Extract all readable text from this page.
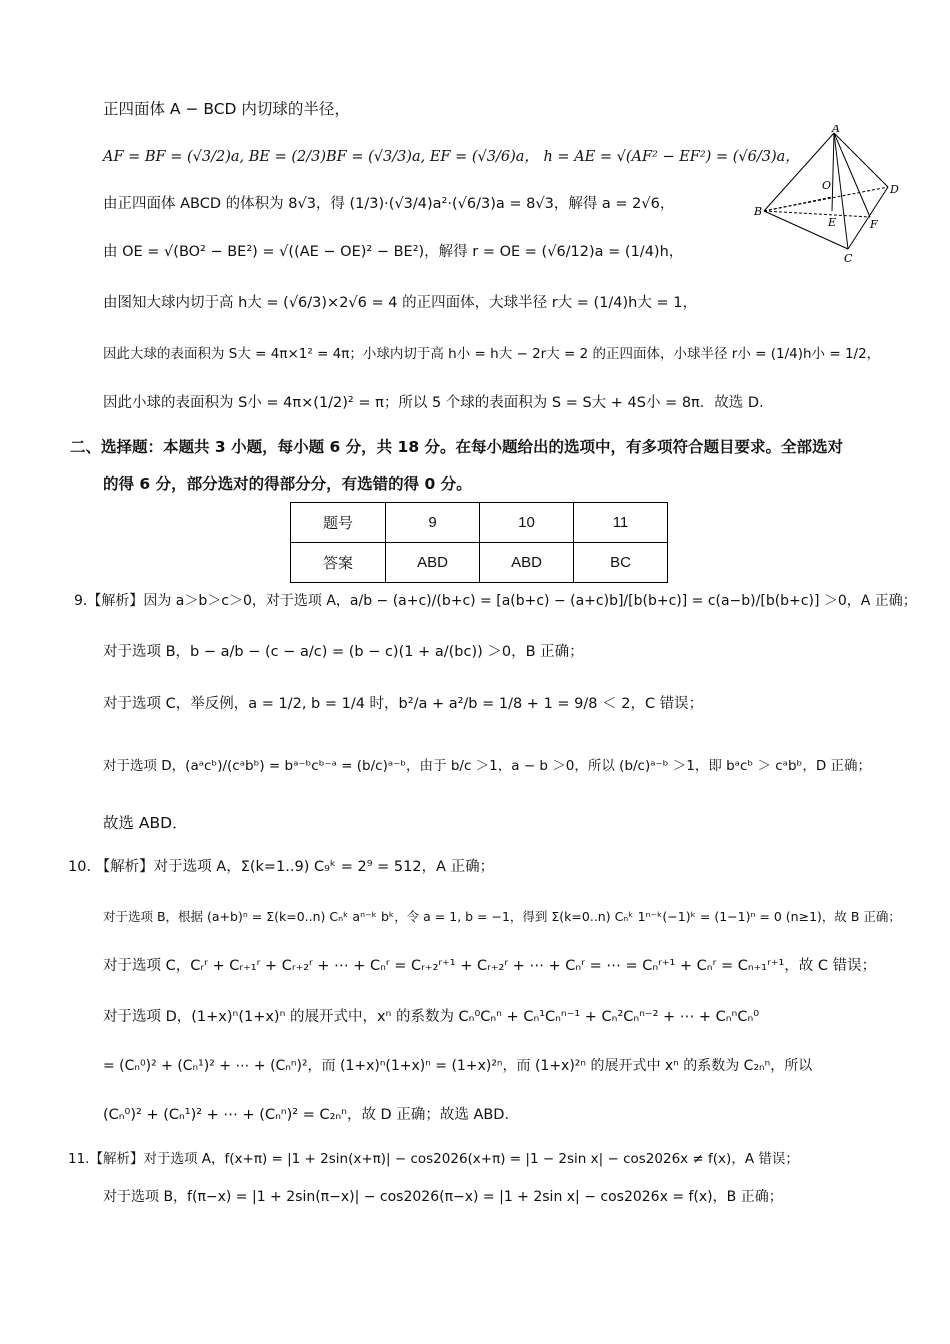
正四面体 A − BCD 内切球的半径，
AF = BF = (√3/2)a, BE = (2/3)BF = (√3/3)a, EF = (√3/6)a， h = AE = √(AF² − EF²) = (√6/3)a，
由正四面体 ABCD 的体积为 8√3，得 (1/3)·(√3/4)a²·(√6/3)a = 8√3，解得 a = 2√6，
由 OE = √(BO² − BE²) = √((AE − OE)² − BE²)，解得 r = OE = (√6/12)a = (1/4)h，
由图知大球内切于高 h大 = (√6/3)×2√6 = 4 的正四面体，大球半径 r大 = (1/4)h大 = 1，
因此大球的表面积为 S大 = 4π×1² = 4π；小球内切于高 h小 = h大 − 2r大 = 2 的正四面体，小球半径 r小 = (1/4)h小 = 1/2，
因此小球的表面积为 S小 = 4π×(1/2)² = π；所以 5 个球的表面积为 S = S大 + 4S小 = 8π．故选 D．
A
B
C
D
O
E	F
二、选择题：本题共 3 小题，每小题 6 分，共 18 分。在每小题给出的选项中，有多项符合题目要求。全部选对
的得 6 分，部分选对的得部分分，有选错的得 0 分。
题号	9	10	11
答案	ABD	ABD	BC
9.【解析】因为 a＞b＞c＞0，对于选项 A，a/b − (a+c)/(b+c) = [a(b+c) − (a+c)b]/[b(b+c)] = c(a−b)/[b(b+c)] ＞0，A 正确；
对于选项 B，b − a/b − (c − a/c) = (b − c)(1 + a/(bc)) ＞0，B 正确；
对于选项 C，举反例，a = 1/2, b = 1/4 时，b²/a + a²/b = 1/8 + 1 = 9/8 ＜ 2，C 错误；
对于选项 D，(aᵃcᵇ)/(cᵃbᵇ) = bᵃ⁻ᵇcᵇ⁻ᵃ = (b/c)ᵃ⁻ᵇ，由于 b/c ＞1，a − b ＞0，所以 (b/c)ᵃ⁻ᵇ ＞1，即 bᵃcᵇ ＞ cᵃbᵇ，D 正确；
故选 ABD．
10. 【解析】对于选项 A，Σ(k=1..9) C₉ᵏ = 2⁹ = 512，A 正确；
对于选项 B，根据 (a+b)ⁿ = Σ(k=0..n) Cₙᵏ aⁿ⁻ᵏ bᵏ，令 a = 1, b = −1，得到 Σ(k=0..n) Cₙᵏ 1ⁿ⁻ᵏ(−1)ᵏ = (1−1)ⁿ = 0 (n≥1)，故 B 正确；
对于选项 C，Cᵣʳ + Cᵣ₊₁ʳ + Cᵣ₊₂ʳ + ⋯ + Cₙʳ = Cᵣ₊₂ʳ⁺¹ + Cᵣ₊₂ʳ + ⋯ + Cₙʳ = ⋯ = Cₙʳ⁺¹ + Cₙʳ = Cₙ₊₁ʳ⁺¹，故 C 错误；
对于选项 D，(1+x)ⁿ(1+x)ⁿ 的展开式中，xⁿ 的系数为 Cₙ⁰Cₙⁿ + Cₙ¹Cₙⁿ⁻¹ + Cₙ²Cₙⁿ⁻² + ⋯ + CₙⁿCₙ⁰
= (Cₙ⁰)² + (Cₙ¹)² + ⋯ + (Cₙⁿ)²，而 (1+x)ⁿ(1+x)ⁿ = (1+x)²ⁿ，而 (1+x)²ⁿ 的展开式中 xⁿ 的系数为 C₂ₙⁿ，所以
(Cₙ⁰)² + (Cₙ¹)² + ⋯ + (Cₙⁿ)² = C₂ₙⁿ，故 D 正确；故选 ABD．
11.【解析】对于选项 A，f(x+π) = |1 + 2sin(x+π)| − cos2026(x+π) = |1 − 2sin x| − cos2026x ≠ f(x)，A 错误；
对于选项 B，f(π−x) = |1 + 2sin(π−x)| − cos2026(π−x) = |1 + 2sin x| − cos2026x = f(x)，B 正确；
